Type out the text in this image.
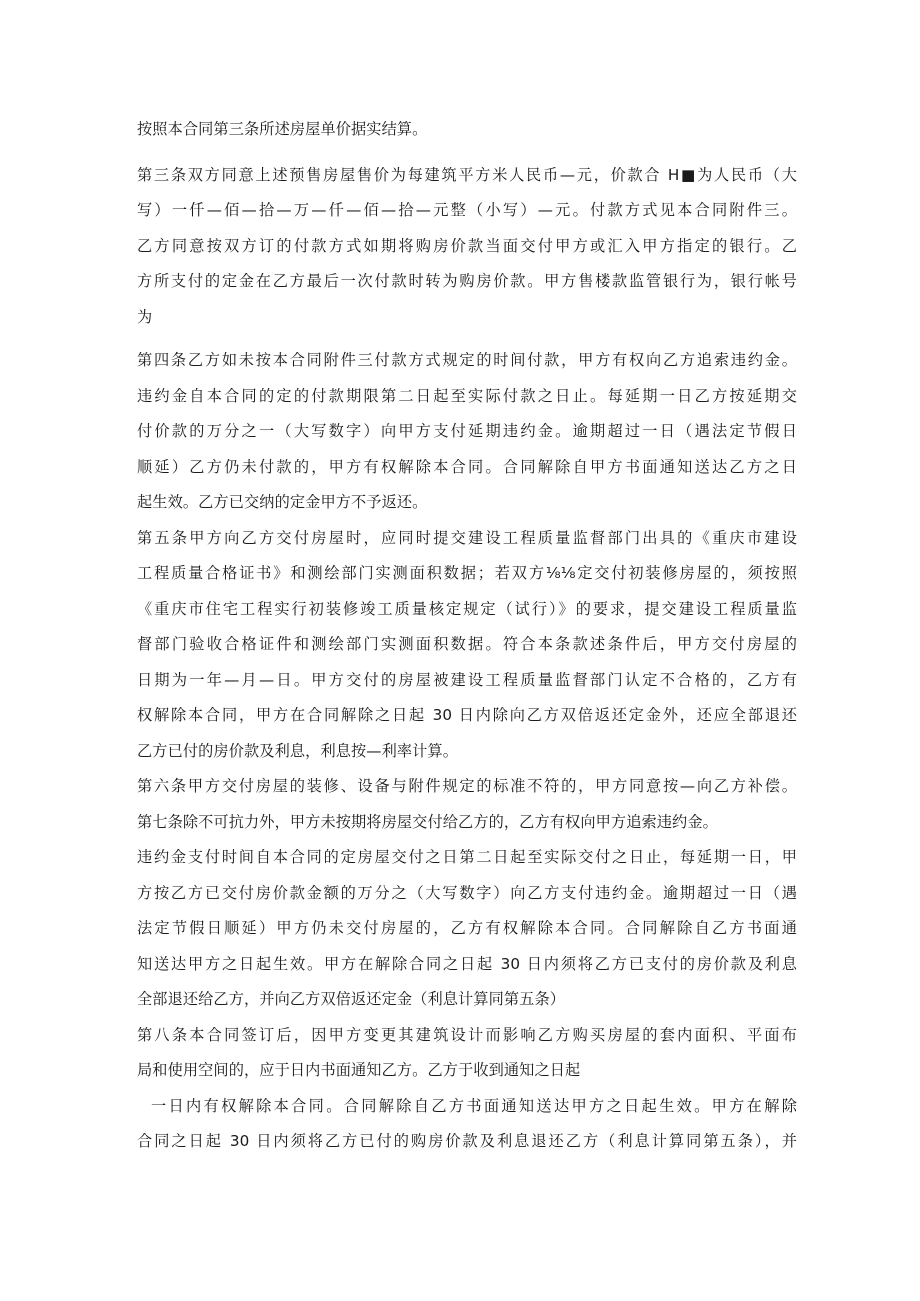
按照本合同第三条所述房屋单价据实结算。
第三条双方同意上述预售房屋售价为每建筑平方米人民币—元，价款合 H■为人民币（大
写）一仟—佰—拾—万—仟—佰—拾—元整（小写）—元。付款方式见本合同附件三。
乙方同意按双方订的付款方式如期将购房价款当面交付甲方或汇入甲方指定的银行。乙
方所支付的定金在乙方最后一次付款时转为购房价款。甲方售楼款监管银行为，银行帐号
为
第四条乙方如未按本合同附件三付款方式规定的时间付款，甲方有权向乙方追索违约金。
违约金自本合同的定的付款期限第二日起至实际付款之日止。每延期一日乙方按延期交
付价款的万分之一（大写数字）向甲方支付延期违约金。逾期超过一日（遇法定节假日
顺延）乙方仍未付款的，甲方有权解除本合同。合同解除自甲方书面通知送达乙方之日
起生效。乙方已交纳的定金甲方不予返还。
第五条甲方向乙方交付房屋时，应同时提交建设工程质量监督部门出具的《重庆市建设
工程质量合格证书》和测绘部门实测面积数据；若双方⅛⅛定交付初装修房屋的，须按照
《重庆市住宅工程实行初装修竣工质量核定规定（试行）》的要求，提交建设工程质量监
督部门验收合格证件和测绘部门实测面积数据。符合本条款述条件后，甲方交付房屋的
日期为一年—月—日。甲方交付的房屋被建设工程质量监督部门认定不合格的，乙方有
权解除本合同，甲方在合同解除之日起 30 日内除向乙方双倍返还定金外，还应全部退还
乙方已付的房价款及利息，利息按—利率计算。
第六条甲方交付房屋的装修、设备与附件规定的标准不符的，甲方同意按—向乙方补偿。
第七条除不可抗力外，甲方未按期将房屋交付给乙方的，乙方有权向甲方追索违约金。
违约金支付时间自本合同的定房屋交付之日第二日起至实际交付之日止，每延期一日，甲
方按乙方已交付房价款金额的万分之（大写数字）向乙方支付违约金。逾期超过一日（遇
法定节假日顺延）甲方仍未交付房屋的，乙方有权解除本合同。合同解除自乙方书面通
知送达甲方之日起生效。甲方在解除合同之日起 30 日内须将乙方已支付的房价款及利息
全部退还给乙方，并向乙方双倍返还定金（利息计算同第五条）
第八条本合同签订后，因甲方变更其建筑设计而影响乙方购买房屋的套内面积、平面布
局和使用空间的，应于日内书面通知乙方。乙方于收到通知之日起
一日内有权解除本合同。合同解除自乙方书面通知送达甲方之日起生效。甲方在解除
合同之日起 30 日内须将乙方已付的购房价款及利息退还乙方（利息计算同第五条），并
